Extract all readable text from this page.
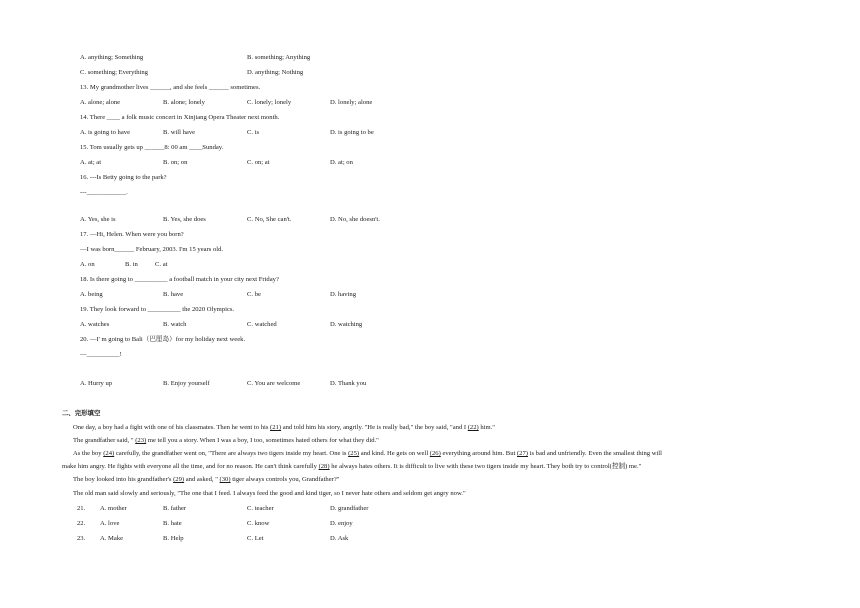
A. anything; Something	B. something; Anything
C. something; Everything	D. anything; Nothing
13. My grandmother lives ______, and she feels ______ sometimes.
A. alone; alone	B. alone; lonely	C. lonely; lonely	D. lonely; alone
14. There ____ a folk music concert in Xinjiang Opera Theater next month.
A. is going to have	B. will have	C. is	D. is going to be
15. Tom usually gets up ______8: 00 am ____Sunday.
A. at; at	B. on; on	C. on; at	D. at; on
16. ---Is Betty going to the park?
---____________.
A. Yes, she is	B. Yes, she does	C. No, She can't.	D. No, she doesn't.
17. —Hi, Helen. When were you born?
—I was born______ February, 2003. I'm 15 years old.
A. on	B. in	C. at
18. Is there going to __________ a football match in your city next Friday?
A. being	B. have	C. be	D. having
19. They look forward to __________ the 2020 Olympics.
A. watches	B. watch	C. watched	D. watching
20. —I' m going to Bali（巴厘岛）for my holiday next week.
—__________!
A. Hurry up	B. Enjoy yourself	C. You are welcome	D. Thank you
二、完形填空
One day, a boy had a fight with one of his classmates. Then he went to his (21) and told him his story, angrily. "He is really bad," the boy said, "and I (22) him."
The grandfather said, " (23) me tell you a story. When I was a boy, I too, sometimes hated others for what they did."
As the boy (24) carefully, the grandfather went on, "There are always two tigers inside my heart. One is (25) and kind. He gets on well (26) everything around him. But (27) is bad and unfriendly. Even the smallest thing will
make him angry. He fights with everyone all the time, and for no reason. He can't think carefully (28) he always hates others. It is difficult to live with these two tigers inside my heart. They both try to control(控制) me."
The boy looked into his grandfather's (29) and asked, " (30) tiger always controls you, Grandfather?"
The old man said slowly and seriously, "The one that I feed. I always feed the good and kind tiger, so I never hate others and seldom get angry now."
21. A. mother	B. father	C. teacher	D. grandfather
22. A. love	B. hate	C. know	D. enjoy
23. A. Make	B. Help	C. Let	D. Ask
